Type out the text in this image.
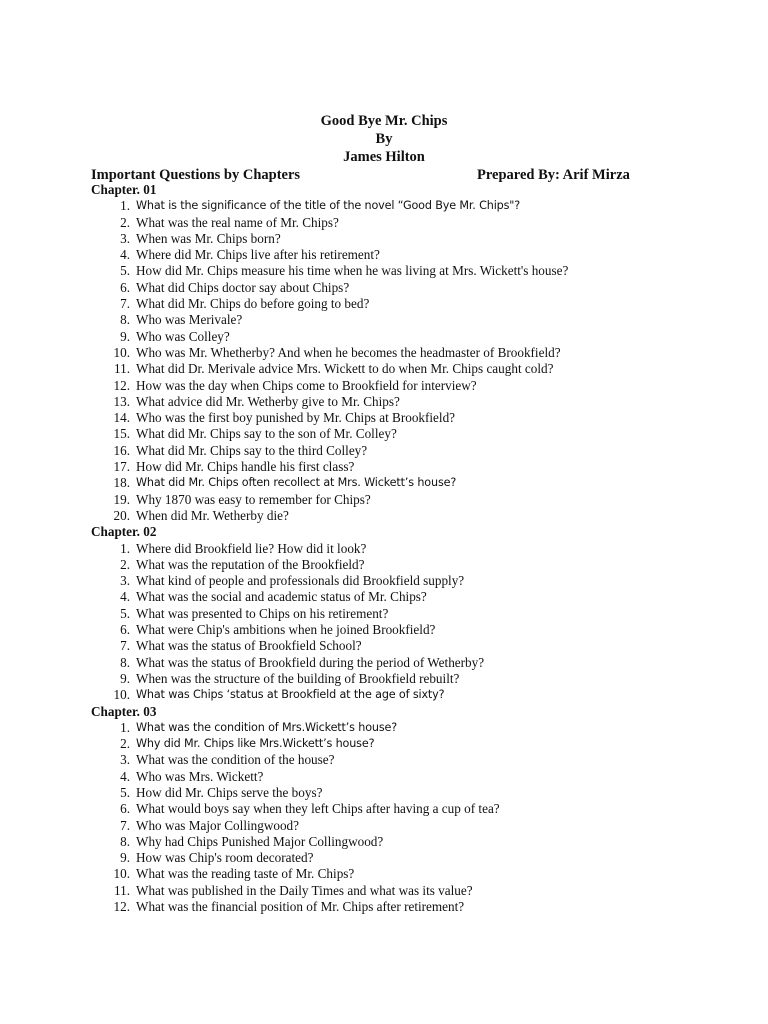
Good Bye Mr. Chips
By
James Hilton
Important Questions by Chapters	Prepared By: Arif Mirza
Chapter. 01
1. What is the significance of the title of the novel “Good Bye Mr. Chips"?
2. What was the real name of Mr. Chips?
3. When was Mr. Chips born?
4. Where did Mr. Chips live after his retirement?
5. How did Mr. Chips measure his time when he was living at Mrs. Wickett's house?
6. What did Chips doctor say about Chips?
7. What did Mr. Chips do before going to bed?
8. Who was Merivale?
9. Who was Colley?
10. Who was Mr. Whetherby? And when he becomes the headmaster of Brookfield?
11. What did Dr. Merivale advice Mrs. Wickett to do when Mr. Chips caught cold?
12. How was the day when Chips come to Brookfield for interview?
13. What advice did Mr. Wetherby give to Mr. Chips?
14. Who was the first boy punished by Mr. Chips at Brookfield?
15. What did Mr. Chips say to the son of Mr. Colley?
16. What did Mr. Chips say to the third Colley?
17. How did Mr. Chips handle his first class?
18. What did Mr. Chips often recollect at Mrs. Wickett’s house?
19. Why 1870 was easy to remember for Chips?
20. When did Mr. Wetherby die?
Chapter. 02
1. Where did Brookfield lie? How did it look?
2. What was the reputation of the Brookfield?
3. What kind of people and professionals did Brookfield supply?
4. What was the social and academic status of Mr. Chips?
5. What was presented to Chips on his retirement?
6. What were Chip's ambitions when he joined Brookfield?
7. What was the status of Brookfield School?
8. What was the status of Brookfield during the period of Wetherby?
9. When was the structure of the building of Brookfield rebuilt?
10. What was Chips ‘status at Brookfield at the age of sixty?
Chapter. 03
1. What was the condition of Mrs.Wickett’s house?
2. Why did Mr. Chips like Mrs.Wickett’s house?
3. What was the condition of the house?
4. Who was Mrs. Wickett?
5. How did Mr. Chips serve the boys?
6. What would boys say when they left Chips after having a cup of tea?
7. Who was Major Collingwood?
8. Why had Chips Punished Major Collingwood?
9. How was Chip's room decorated?
10. What was the reading taste of Mr. Chips?
11. What was published in the Daily Times and what was its value?
12. What was the financial position of Mr. Chips after retirement?
